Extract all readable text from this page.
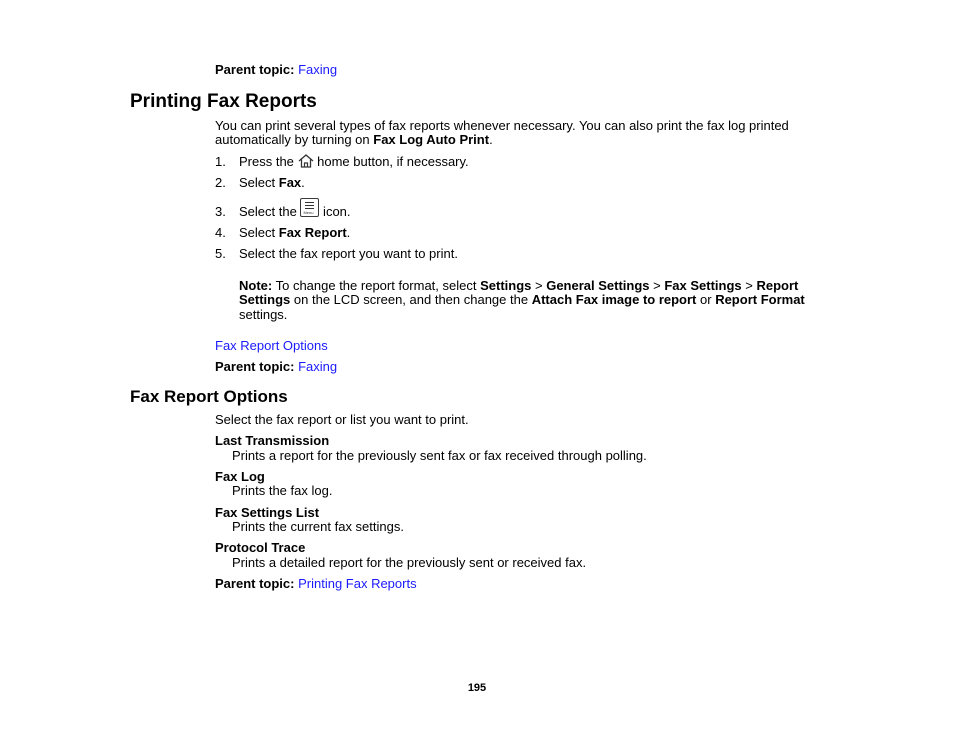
Parent topic: Faxing
Printing Fax Reports
You can print several types of fax reports whenever necessary. You can also print the fax log printed
automatically by turning on Fax Log Auto Print.
1. Press the  home button, if necessary.
2. Select Fax.
3. Select the Menu icon.
4. Select Fax Report.
5. Select the fax report you want to print.
Note: To change the report format, select Settings > General Settings > Fax Settings > Report
Settings on the LCD screen, and then change the Attach Fax image to report or Report Format
settings.
Fax Report Options
Parent topic: Faxing
Fax Report Options
Select the fax report or list you want to print.
Last Transmission
Prints a report for the previously sent fax or fax received through polling.
Fax Log
Prints the fax log.
Fax Settings List
Prints the current fax settings.
Protocol Trace
Prints a detailed report for the previously sent or received fax.
Parent topic: Printing Fax Reports
195
